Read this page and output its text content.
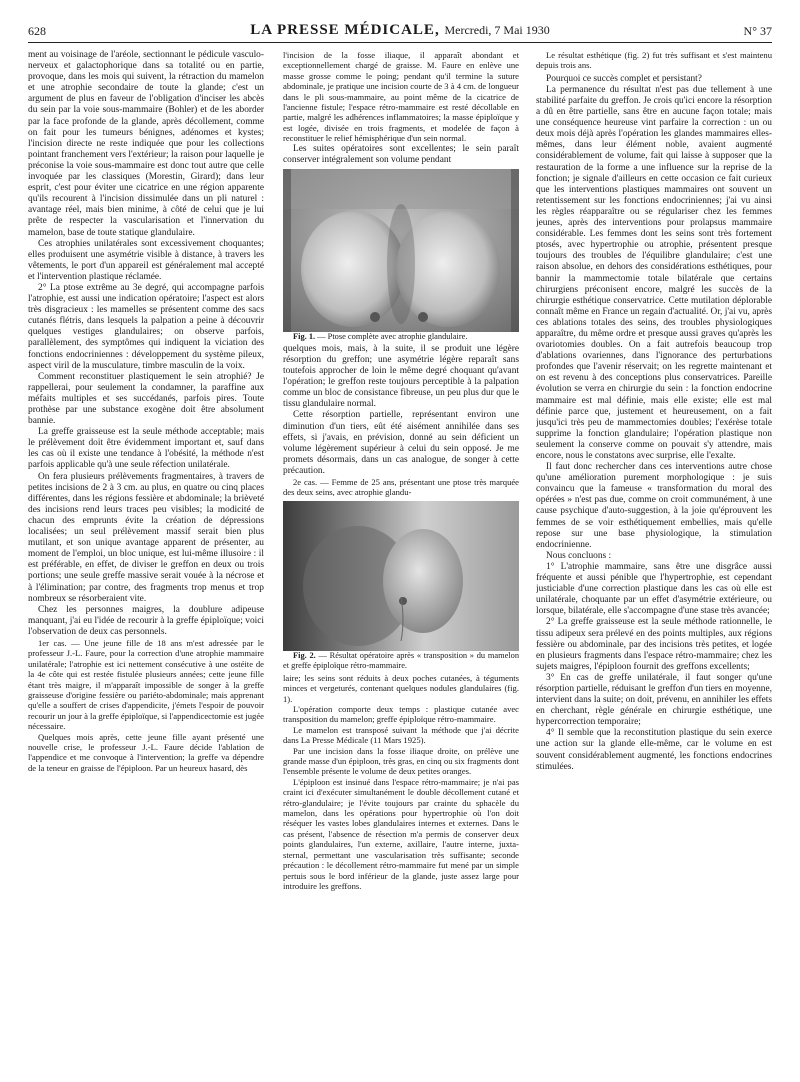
628	LA PRESSE MÉDICALE, Mercredi, 7 Mai 1930	N° 37

ment au voisinage de l'aréole, sectionnant le pédicule vasculo-nerveux et galactophorique dans sa totalité ou en partie, provoque, dans les mois qui suivent, la rétraction du mamelon et une atrophie secondaire de toute la glande; c'est un argument de plus en faveur de l'obligation d'inciser les abcès du sein par la voie sous-mammaire (Bohler) et de les aborder par la face profonde de la glande, après décollement, comme on fait pour les tumeurs bénignes, adénomes et kystes; l'incision directe ne reste indiquée que pour les collections pointant franchement vers l'extérieur; la raison pour laquelle je préconise la voie sous-mammaire est donc tout autre que celle invoquée par les classiques (Morestin, Girard); dans leur esprit, c'est pour éviter une cicatrice en une région apparente qu'ils recourent à l'incision dissimulée dans un pli naturel : avantage réel, mais bien minime, à côté de celui que je lui prête de respecter la vascularisation et l'innervation du mamelon, base de toute statique glandulaire.

Ces atrophies unilatérales sont excessivement choquantes; elles produisent une asymétrie visible à distance, à travers les vêtements, le port d'un appareil est généralement mal accepté et l'intervention plastique réclamée.

2° La ptose extrême au 3e degré, qui accompagne parfois l'atrophie, est aussi une indication opératoire; l'aspect est alors très disgracieux : les mamelles se présentent comme des sacs cutanés flétris, dans lesquels la palpation a peine à découvrir quelques vestiges glandulaires; on observe parfois, parallèlement, des symptômes qui indiquent la viciation des fonctions endocriniennes : développement du système pileux, aspect viril de la musculature, timbre masculin de la voix.

Comment reconstituer plastiquement le sein atrophié? Je rappellerai, pour seulement la condamner, la paraffine aux méfaits multiples et ses succédanés, parfois pires. Toute prothèse par une substance exogène doit être absolument bannie.

La greffe graisseuse est la seule méthode acceptable; mais le prélèvement doit être évidemment important et, sauf dans les cas où il existe une tendance à l'obésité, la méthode n'est parfois applicable qu'à une seule réfection unilatérale.

On fera plusieurs prélèvements fragmentaires, à travers de petites incisions de 2 à 3 cm. au plus, en quatre ou cinq places différentes, dans les régions fessière et abdominale; la brièveté des incisions rend leurs traces peu visibles; la modicité de chacun des emprunts évite la création de dépressions localisées; un seul prélèvement massif serait bien plus mutilant, et son unique avantage apparent de présenter, au moment de l'emploi, un bloc unique, est lui-même illusoire : il est préférable, en effet, de diviser le greffon en deux ou trois portions; une seule greffe massive serait vouée à la nécrose et à l'élimination; par contre, des fragments trop menus et trop nombreux se résorberaient vite.

Chez les personnes maigres, la doublure adipeuse manquant, j'ai eu l'idée de recourir à la greffe épiploïque; voici l'observation de deux cas personnels.

1er cas. — Une jeune fille de 18 ans m'est adressée par le professeur J.-L. Faure, pour la correction d'une atrophie mammaire unilatérale; l'atrophie est ici nettement consécutive à une ostéite de la 4e côte qui est restée fistulée plusieurs années; cette jeune fille étant très maigre, il m'apparaît impossible de songer à la greffe graisseuse d'origine fessière ou pariéto-abdominale; mais apprenant qu'elle a souffert de crises d'appendicite, j'émets l'espoir de pouvoir recourir un jour à la greffe épiploïque, si l'appendicectomie est jugée nécessaire.

Quelques mois après, cette jeune fille ayant présenté une nouvelle crise, le professeur J.-L. Faure décide l'ablation de l'appendice et me convoque à l'intervention; la greffe va dépendre de la teneur en graisse de l'épiploon. Par un heureux hasard, dès

l'incision de la fosse iliaque, il apparaît abondant et exceptionnellement chargé de graisse. M. Faure en enlève une masse grosse comme le poing; pendant qu'il termine la suture abdominale, je pratique une incision courte de 3 à 4 cm. de longueur dans le pli sous-mammaire, au point même de la cicatrice de l'ancienne fistule; l'espace rétro-mammaire est resté décollable en partie, malgré les adhérences inflammatoires; la masse épiploïque y est logée, divisée en trois fragments, et modelée de façon à reconstituer le relief hémisphérique d'un sein normal.

Les suites opératoires sont excellentes; le sein paraît conserver intégralement son volume pendant

Fig. 1. — Ptose complète avec atrophie glandulaire.

quelques mois, mais, à la suite, il se produit une légère résorption du greffon; une asymétrie légère reparaît sans toutefois approcher de loin le même degré choquant qu'avant l'opération; le greffon reste toujours perceptible à la palpation comme un bloc de consistance fibreuse, un peu plus dur que le tissu glandulaire normal.

Cette résorption partielle, représentant environ une diminution d'un tiers, eût été aisément annihilée dans ses effets, si j'avais, en prévision, donné au sein déficient un volume légèrement supérieur à celui du sein opposé. Je me promets désormais, dans un cas analogue, de songer à cette précaution.

2e cas. — Femme de 25 ans, présentant une ptose très marquée des deux seins, avec atrophie glandu-

Fig. 2. — Résultat opératoire après « transposition » du mamelon et greffe épiploïque rétro-mammaire.

laire; les seins sont réduits à deux poches cutanées, à téguments minces et vergeturés, contenant quelques nodules glandulaires (fig. 1).

L'opération comporte deux temps : plastique cutanée avec transposition du mamelon; greffe épiploïque rétro-mammaire.

Le mamelon est transposé suivant la méthode que j'ai décrite dans La Presse Médicale (11 Mars 1925).

Par une incision dans la fosse iliaque droite, on prélève une grande masse d'un épiploon, très gras, en cinq ou six fragments dont l'ensemble présente le volume de deux petites oranges.

L'épiploon est insinué dans l'espace rétro-mammaire; je n'ai pas craint ici d'exécuter simultanément le double décollement cutané et rétro-glandulaire; je l'évite toujours par crainte du sphacèle du mamelon, dans les opérations pour hypertrophie où l'on doit réséquer les vastes lobes glandulaires internes et externes. Dans le cas présent, l'absence de résection m'a permis de conserver deux points glandulaires, l'un externe, axillaire, l'autre interne, juxta-sternal, permettant une vascularisation très suffisante; seconde précaution : le décollement rétro-mammaire fut mené par un simple pertuis sous le bord inférieur de la glande, juste assez large pour introduire les greffons.

Le résultat esthétique (fig. 2) fut très suffisant et s'est maintenu depuis trois ans.

Pourquoi ce succès complet et persistant?

La permanence du résultat n'est pas due tellement à une stabilité parfaite du greffon. Je crois qu'ici encore la résorption a dû en être partielle, sans être en aucune façon totale; mais une conséquence heureuse vint parfaire la correction : un ou deux mois déjà après l'opération les glandes mammaires elles-mêmes, dans leur élément noble, avaient augmenté considérablement de volume, fait qui laisse à supposer que la restauration de la forme a une influence sur la reprise de la fonction; je signale d'ailleurs en cette occasion ce fait curieux que les interventions plastiques mammaires ont souvent un retentissement sur les fonctions endocriniennes; j'ai vu ainsi les règles réapparaître ou se régulariser chez les femmes jeunes, après des interventions pour prolapsus mammaire considérable. Les femmes dont les seins sont très fortement ptosés, avec hypertrophie ou atrophie, présentent presque toujours des troubles de l'équilibre glandulaire; c'est une raison absolue, en dehors des considérations esthétiques, pour bannir la mammectomie totale bilatérale que certains chirurgiens préconisent encore, malgré les succès de la chirurgie esthétique conservatrice. Cette mutilation déplorable connaît même en France un regain d'actualité. Or, j'ai vu, après ces ablations totales des seins, des troubles physiologiques apparaître, du même ordre et presque aussi graves qu'après les ovariotomies doubles. On a fait autrefois beaucoup trop d'ablations ovariennes, dans l'ignorance des perturbations profondes que l'avenir réservait; on les regrette maintenant et on est revenu à des conceptions plus conservatrices. Pareille évolution se verra en chirurgie du sein : la fonction endocrine mammaire est mal définie, mais elle existe; elle est mal définie parce que, justement et heureusement, on a fait jusqu'ici très peu de mammectomies doubles; l'exérèse totale supprime la fonction glandulaire; l'opération plastique non seulement la conserve comme on pouvait s'y attendre, mais encore, nous le constatons avec surprise, elle l'exalte.

Il faut donc rechercher dans ces interventions autre chose qu'une amélioration purement morphologique : je suis convaincu que la fameuse « transformation du moral des opérées » n'est pas due, comme on croit communément, à une cause psychique d'auto-suggestion, à la joie qu'éprouvent les femmes de se voir esthétiquement embellies, mais qu'elle repose sur une base physiologique, la stimulation endocrinienne.

Nous concluons :

1° L'atrophie mammaire, sans être une disgrâce aussi fréquente et aussi pénible que l'hypertrophie, est cependant justiciable d'une correction plastique dans les cas où elle est unilatérale, choquante par un effet d'asymétrie extérieure, ou lorsque, bilatérale, elle s'accompagne d'une stase très avancée;

2° La greffe graisseuse est la seule méthode rationnelle, le tissu adipeux sera prélevé en des points multiples, aux régions fessière ou abdominale, par des incisions très petites, et logée en plusieurs fragments dans l'espace rétro-mammaire; chez les sujets maigres, l'épiploon fournit des greffons excellents;

3° En cas de greffe unilatérale, il faut songer qu'une résorption partielle, réduisant le greffon d'un tiers en moyenne, intervient dans la suite; on doit, prévenu, en annihiler les effets en cherchant, règle générale en chirurgie esthétique, une hypercorrection temporaire;

4° Il semble que la reconstitution plastique du sein exerce une action sur la glande elle-même, car le volume en est souvent considérablement augmenté, les fonctions endocrines stimulées.
